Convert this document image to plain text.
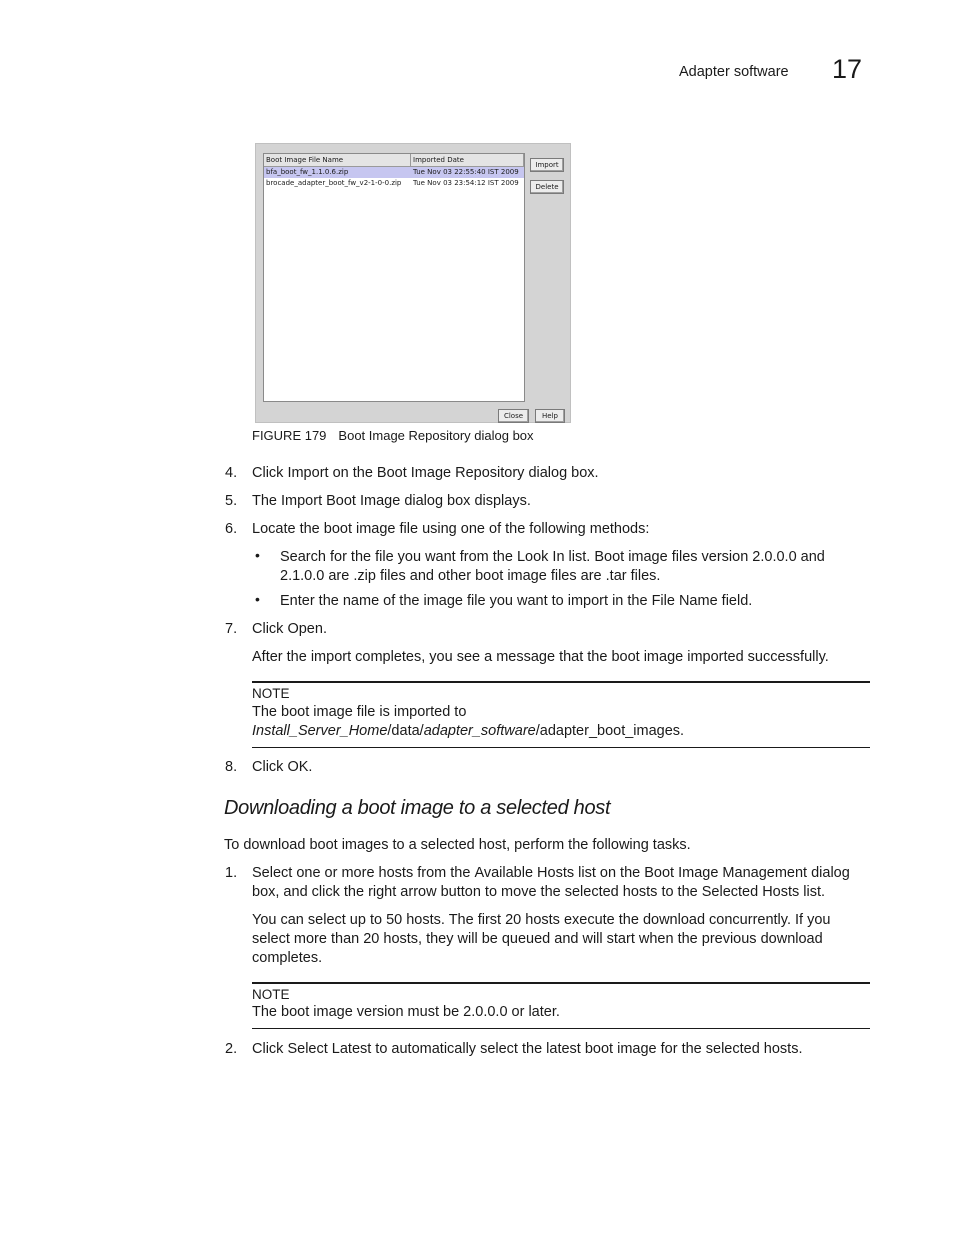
Adapter software 17
Boot Image File Name	Imported Date
bfa_boot_fw_1.1.0.6.zip	Tue Nov 03 22:55:40 IST 2009
brocade_adapter_boot_fw_v2-1-0-0.zip	Tue Nov 03 23:54:12 IST 2009
Import
Delete
Close	Help
FIGURE 179 Boot Image Repository dialog box
4. Click Import on the Boot Image Repository dialog box.
5. The Import Boot Image dialog box displays.
6. Locate the boot image file using one of the following methods:
• Search for the file you want from the Look In list. Boot image files version 2.0.0.0 and
2.1.0.0 are .zip files and other boot image files are .tar files.
• Enter the name of the image file you want to import in the File Name field.
7. Click Open.
After the import completes, you see a message that the boot image imported successfully.
NOTE
The boot image file is imported to
Install_Server_Home/data/adapter_software/adapter_boot_images.
8. Click OK.
Downloading a boot image to a selected host
To download boot images to a selected host, perform the following tasks.
1. Select one or more hosts from the Available Hosts list on the Boot Image Management dialog
box, and click the right arrow button to move the selected hosts to the Selected Hosts list.
You can select up to 50 hosts. The first 20 hosts execute the download concurrently. If you
select more than 20 hosts, they will be queued and will start when the previous download
completes.
NOTE
The boot image version must be 2.0.0.0 or later.
2. Click Select Latest to automatically select the latest boot image for the selected hosts.
